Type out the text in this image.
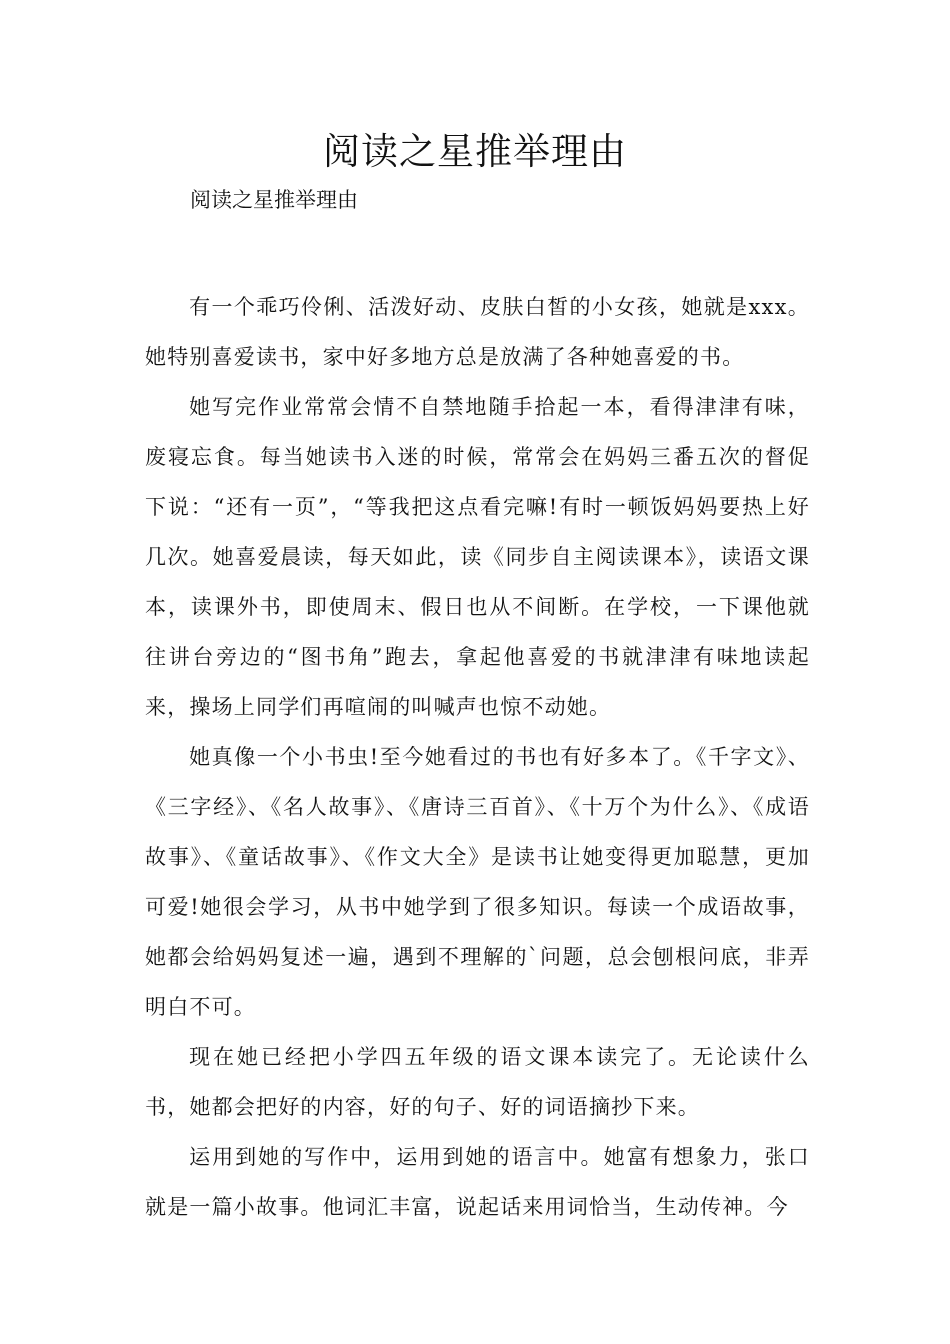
阅读之星推举理由

阅读之星推举理由

有一个乖巧伶俐、活泼好动、皮肤白皙的小女孩，她就是xxx。她特别喜爱读书，家中好多地方总是放满了各种她喜爱的书。

她写完作业常常会情不自禁地随手拾起一本，看得津津有味，废寝忘食。每当她读书入迷的时候，常常会在妈妈三番五次的督促下说：“还有一页”，“等我把这点看完嘛!有时一顿饭妈妈要热上好几次。她喜爱晨读，每天如此，读《同步自主阅读课本》，读语文课本，读课外书，即使周末、假日也从不间断。在学校，一下课他就往讲台旁边的“图书角”跑去，拿起他喜爱的书就津津有味地读起来，操场上同学们再喧闹的叫喊声也惊不动她。

她真像一个小书虫!至今她看过的书也有好多本了。《千字文》、《三字经》、《名人故事》、《唐诗三百首》、《十万个为什么》、《成语故事》、《童话故事》、《作文大全》是读书让她变得更加聪慧，更加可爱!她很会学习，从书中她学到了很多知识。每读一个成语故事，她都会给妈妈复述一遍，遇到不理解的`问题，总会刨根问底，非弄明白不可。

现在她已经把小学四五年级的语文课本读完了。无论读什么书，她都会把好的内容，好的句子、好的词语摘抄下来。

运用到她的写作中，运用到她的语言中。她富有想象力，张口就是一篇小故事。他词汇丰富，说起话来用词恰当，生动传神。今
